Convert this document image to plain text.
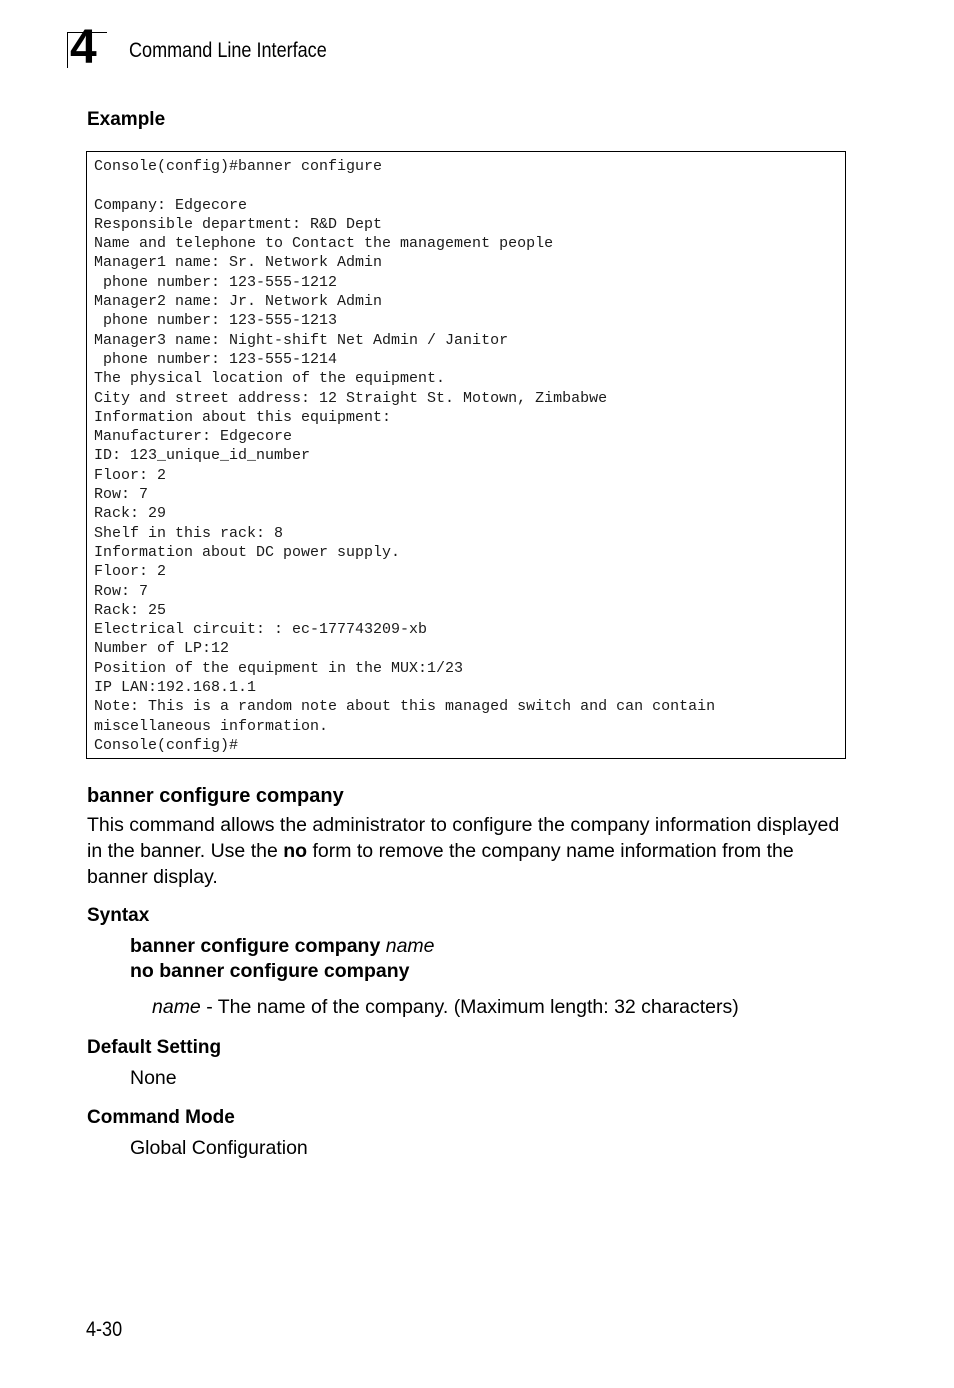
4 Command Line Interface
Example
Console(config)#banner configure
Company: Edgecore
Responsible department: R&D Dept
Name and telephone to Contact the management people
Manager1 name: Sr. Network Admin
phone number: 123-555-1212
Manager2 name: Jr. Network Admin
phone number: 123-555-1213
Manager3 name: Night-shift Net Admin / Janitor
phone number: 123-555-1214
The physical location of the equipment.
City and street address: 12 Straight St. Motown, Zimbabwe
Information about this equipment:
Manufacturer: Edgecore
ID: 123_unique_id_number
Floor: 2
Row: 7
Rack: 29
Shelf in this rack: 8
Information about DC power supply.
Floor: 2
Row: 7
Rack: 25
Electrical circuit: : ec-177743209-xb
Number of LP:12
Position of the equipment in the MUX:1/23
IP LAN:192.168.1.1
Note: This is a random note about this managed switch and can contain
miscellaneous information.
Console(config)#
banner configure company
This command allows the administrator to configure the company information displayed in the banner. Use the no form to remove the company name information from the banner display.
Syntax
banner configure company name
no banner configure company
name - The name of the company. (Maximum length: 32 characters)
Default Setting
None
Command Mode
Global Configuration
4-30
